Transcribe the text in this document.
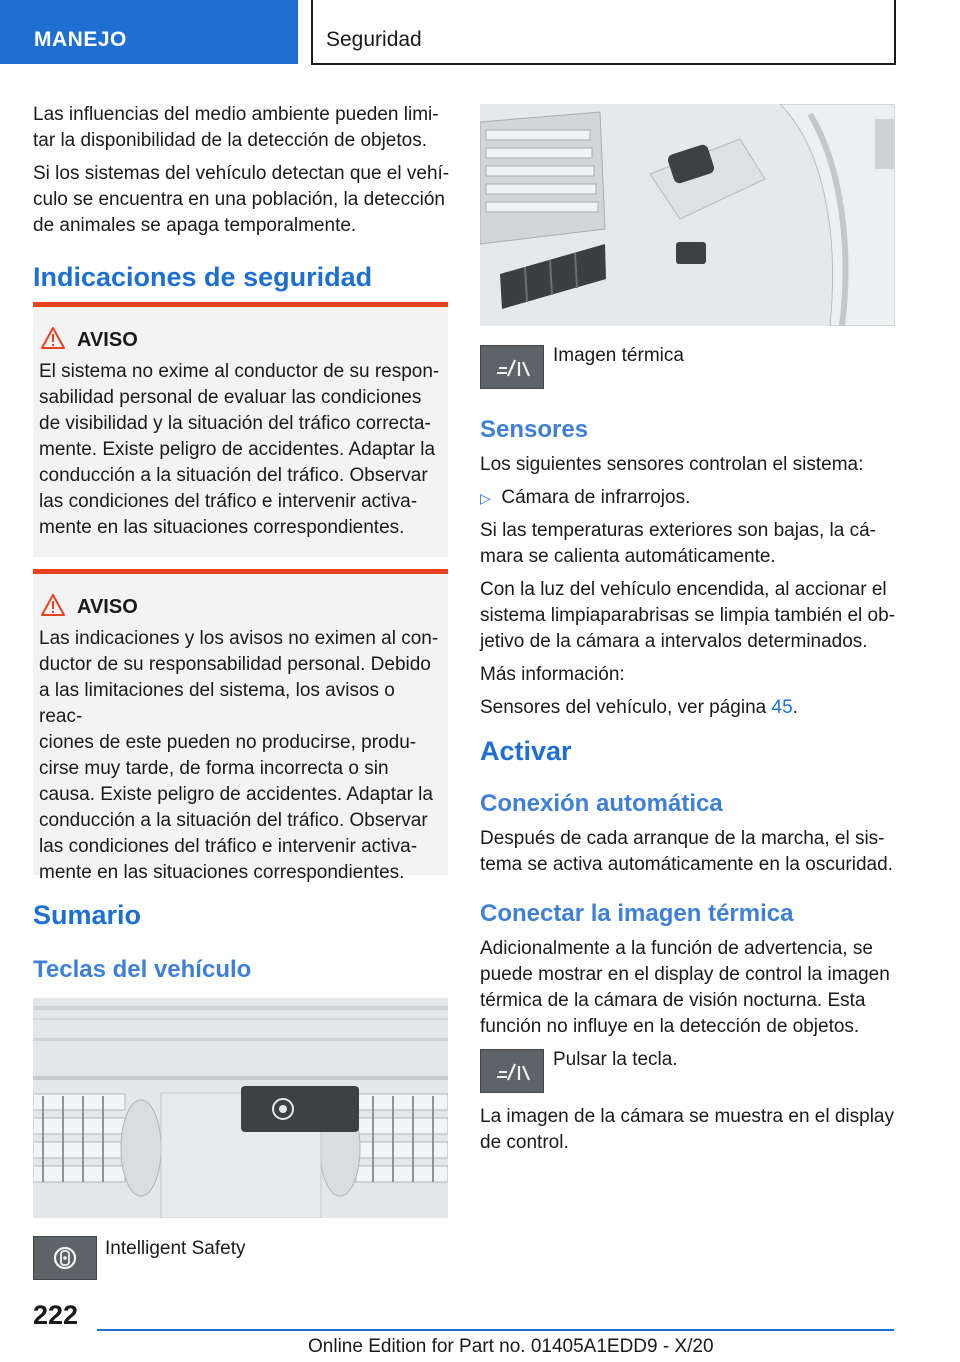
MANEJO	Seguridad

Las influencias del medio ambiente pueden limi‐

tar la disponibilidad de la detección de objetos.

Si los sistemas del vehículo detectan que el vehí‐

culo se encuentra en una población, la detección

de animales se apaga temporalmente.

Indicaciones de seguridad
AVISO

El sistema no exime al conductor de su respon‐

sabilidad personal de evaluar las condiciones

de visibilidad y la situación del tráfico correcta‐

mente. Existe peligro de accidentes. Adaptar la

conducción a la situación del tráfico. Observar

las condiciones del tráfico e intervenir activa‐

mente en las situaciones correspondientes.

AVISO

Las indicaciones y los avisos no eximen al con‐

ductor de su responsabilidad personal. Debido

a las limitaciones del sistema, los avisos o reac‐

ciones de este pueden no producirse, produ‐

cirse muy tarde, de forma incorrecta o sin

causa. Existe peligro de accidentes. Adaptar la

conducción a la situación del tráfico. Observar

las condiciones del tráfico e intervenir activa‐

mente en las situaciones correspondientes.

Sumario
Teclas del vehículo
Intelligent Safety
Imagen térmica
Sensores

Los siguientes sensores controlan el sistema:

▷ Cámara de infrarrojos.

Si las temperaturas exteriores son bajas, la cá‐

mara se calienta automáticamente.

Con la luz del vehículo encendida, al accionar el

sistema limpiaparabrisas se limpia también el ob‐

jetivo de la cámara a intervalos determinados.

Más información:

Sensores del vehículo, ver página 45.

Activar
Conexión automática

Después de cada arranque de la marcha, el sis‐

tema se activa automáticamente en la oscuridad.

Conectar la imagen térmica

Adicionalmente a la función de advertencia, se

puede mostrar en el display de control la imagen

térmica de la cámara de visión nocturna. Esta

función no influye en la detección de objetos.

Pulsar la tecla.

La imagen de la cámara se muestra en el display

de control.

222
Online Edition for Part no. 01405A1EDD9 - X/20
